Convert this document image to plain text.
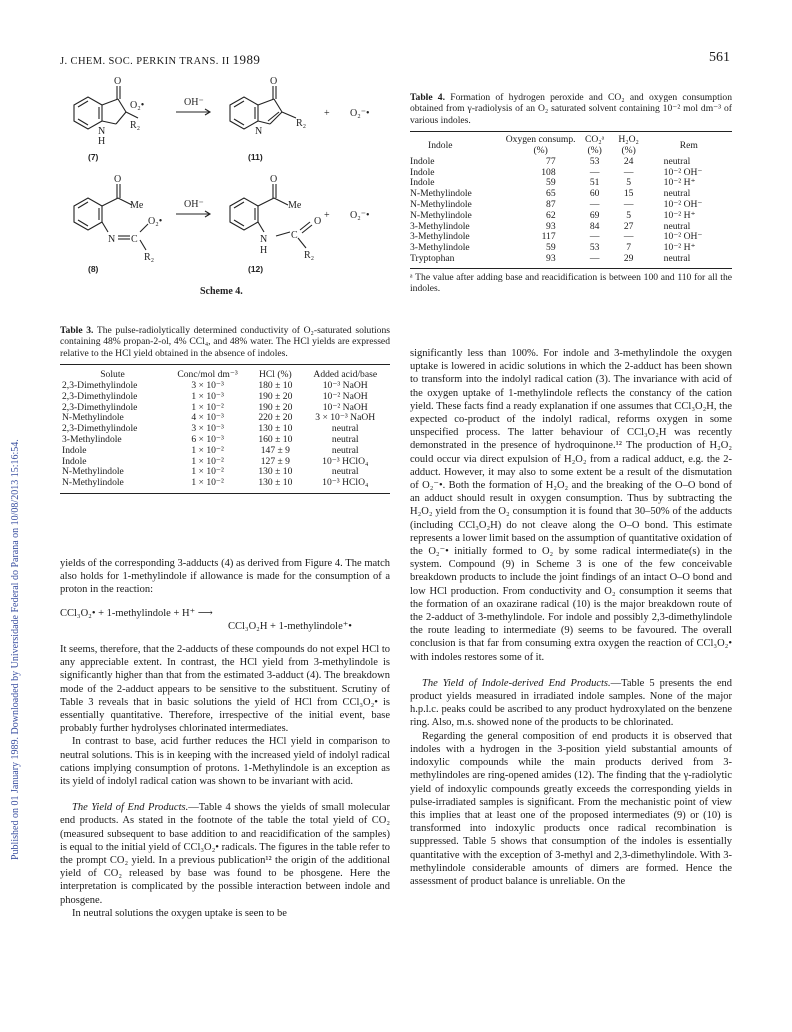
J. CHEM. SOC. PERKIN TRANS. II 1989	561
Published on 01 January 1989. Downloaded by Universidade Federal do Parana on 10/08/2013 15:16:54.
O
N
H
O₂•
R₂
OH⁻
O
N
R₂
+ O₂⁻•
O
Me
N C
O₂•
R₂
OH⁻
O
Me
N
H
C
O
R₂
+ O₂⁻•
(7)	(11)
(8)	(12)
Scheme 4.
Table 3. The pulse-radiolytically determined conductivity of O₂-saturated solutions containing 48% propan-2-ol, 4% CCl₄, and 48% water. The HCl yields are expressed relative to the HCl yield obtained in the absence of indoles.
Solute	Conc/mol dm⁻³	HCl (%)	Added acid/base
2,3-Dimethylindole	3 × 10⁻³	180 ± 10	10⁻³ NaOH
2,3-Dimethylindole	1 × 10⁻³	190 ± 20	10⁻² NaOH
2,3-Dimethylindole	1 × 10⁻²	190 ± 20	10⁻² NaOH
N-Methylindole	4 × 10⁻³	220 ± 20	3 × 10⁻³ NaOH
2,3-Dimethylindole	3 × 10⁻³	130 ± 10	neutral
3-Methylindole	6 × 10⁻³	160 ± 10	neutral
Indole	1 × 10⁻²	147 ± 9	neutral
Indole	1 × 10⁻²	127 ± 9	10⁻³ HClO₄
N-Methylindole	1 × 10⁻²	130 ± 10	neutral
N-Methylindole	1 × 10⁻²	130 ± 10	10⁻³ HClO₄

yields of the corresponding 3-adducts (4) as derived from Figure 4. The match also holds for 1-methylindole if allowance is made for the consumption of a proton in the reaction:

CCl₃O₂• + 1-methylindole + H⁺ ⟶
CCl₃O₂H + 1-methylindole⁺•

It seems, therefore, that the 2-adducts of these compounds do not expel HCl to any appreciable extent. In contrast, the HCl yield from 3-methylindole is significantly higher than that from the estimated 3-adduct (4). The breakdown mode of the 2-adduct appears to be sensitive to the substituent. Scrutiny of Table 3 reveals that in basic solutions the yield of HCl from CCl₃O₂• is essentially quantitative. Therefore, irrespective of the initial event, base probably further hydrolyses chlorinated intermediates.

In contrast to base, acid further reduces the HCl yield in comparison to neutral solutions. This is in keeping with the increased yield of indolyl radical cations implying consumption of protons. 1-Methylindole is an exception as its yield of indolyl radical cation was shown to be invariant with acid.

The Yield of End Products.—Table 4 shows the yields of small molecular end products. As stated in the footnote of the table the total yield of CO₂ (measured subsequent to base addition to and reacidification of the samples) is equal to the initial yield of CCl₃O₂• radicals. The figures in the table refer to the prompt CO₂ yield. In a previous publication¹² the origin of the additional yield of CO₂ released by base was found to be phosgene. Here the interpretation is complicated by the possible interaction between indole and phosgene.

In neutral solutions the oxygen uptake is seen to be

Table 4. Formation of hydrogen peroxide and CO₂ and oxygen consumption obtained from γ-radiolysis of an O₂ saturated solvent containing 10⁻² mol dm⁻³ of various indoles.
Indole	Oxygen consump. (%)	CO₂ᵃ (%)	H₂O₂ (%)	Rem
Indole	77	53	24	neutral
Indole	108	—	—	10⁻² OH⁻
Indole	59	51	5	10⁻² H⁺
N-Methylindole	65	60	15	neutral
N-Methylindole	87	—	—	10⁻² OH⁻
N-Methylindole	62	69	5	10⁻² H⁺
3-Methylindole	93	84	27	neutral
3-Methylindole	117	—	—	10⁻² OH⁻
3-Methylindole	59	53	7	10⁻² H⁺
Tryptophan	93	—	29	neutral
ᵃ The value after adding base and reacidification is between 100 and 110 for all the indoles.

significantly less than 100%. For indole and 3-methylindole the oxygen uptake is lowered in acidic solutions in which the 2-adduct has been shown to transform into the indolyl radical cation (3). The invariance with acid of the oxygen uptake of 1-methylindole reflects the constancy of the cation yield. These facts find a ready explanation if one assumes that CCl₃O₂H, the expected co-product of the indolyl radical, reforms oxygen in some unspecified process. The latter behaviour of CCl₃O₂H was recently demonstrated in the presence of hydroquinone.¹² The production of H₂O₂ could occur via direct expulsion of H₂O₂ from a radical adduct, e.g. the 2-adduct. However, it may also to some extent be a result of the dismutation of O₂⁻•. Both the formation of H₂O₂ and the breaking of the O–O bond of an adduct should result in oxygen consumption. Thus by subtracting the H₂O₂ yield from the O₂ consumption it is found that 30–50% of the adducts (including CCl₃O₂H) do not cleave along the O–O bond. This estimate represents a lower limit based on the assumption of quantitative oxidation of the O₂⁻• initially formed to O₂ by some radical intermediate(s) in the system. Compound (9) in Scheme 3 is one of the few conceivable breakdown products to include the joint findings of an intact O–O bond and low HCl production. From conductivity and O₂ consumption it seems that the formation of an oxazirane radical (10) is the major breakdown route of the 2-adduct of 3-methylindole. For indole and possibly 2,3-dimethylindole the route leading to intermediate (9) seems to be favoured. The overall conclusion is that far from consuming extra oxygen the reaction of CCl₃O₂• with indoles restores some of it.

The Yield of Indole-derived End Products.—Table 5 presents the end product yields measured in irradiated indole samples. None of the major h.p.l.c. peaks could be ascribed to any product hydroxylated on the benzene ring. Also, m.s. showed none of the products to be chlorinated.

Regarding the general composition of end products it is observed that indoles with a hydrogen in the 3-position yield substantial amounts of indoxylic compounds while the main products derived from 3-methylindoles are ring-opened amides (12). The finding that the γ-radiolytic yield of indoxylic compounds greatly exceeds the corresponding yields in pulse-irradiated samples is significant. From the mechanistic point of view this implies that at least one of the proposed intermediates (9) or (10) is transformed into indoxylic products once radical recombination is suppressed. Table 5 shows that consumption of the indoles is essentially quantitative with the exception of 3-methyl and 2,3-dimethylindole. With 3-methylindole considerable amounts of dimers are formed. Hence the assessment of product balance is unreliable. On the
